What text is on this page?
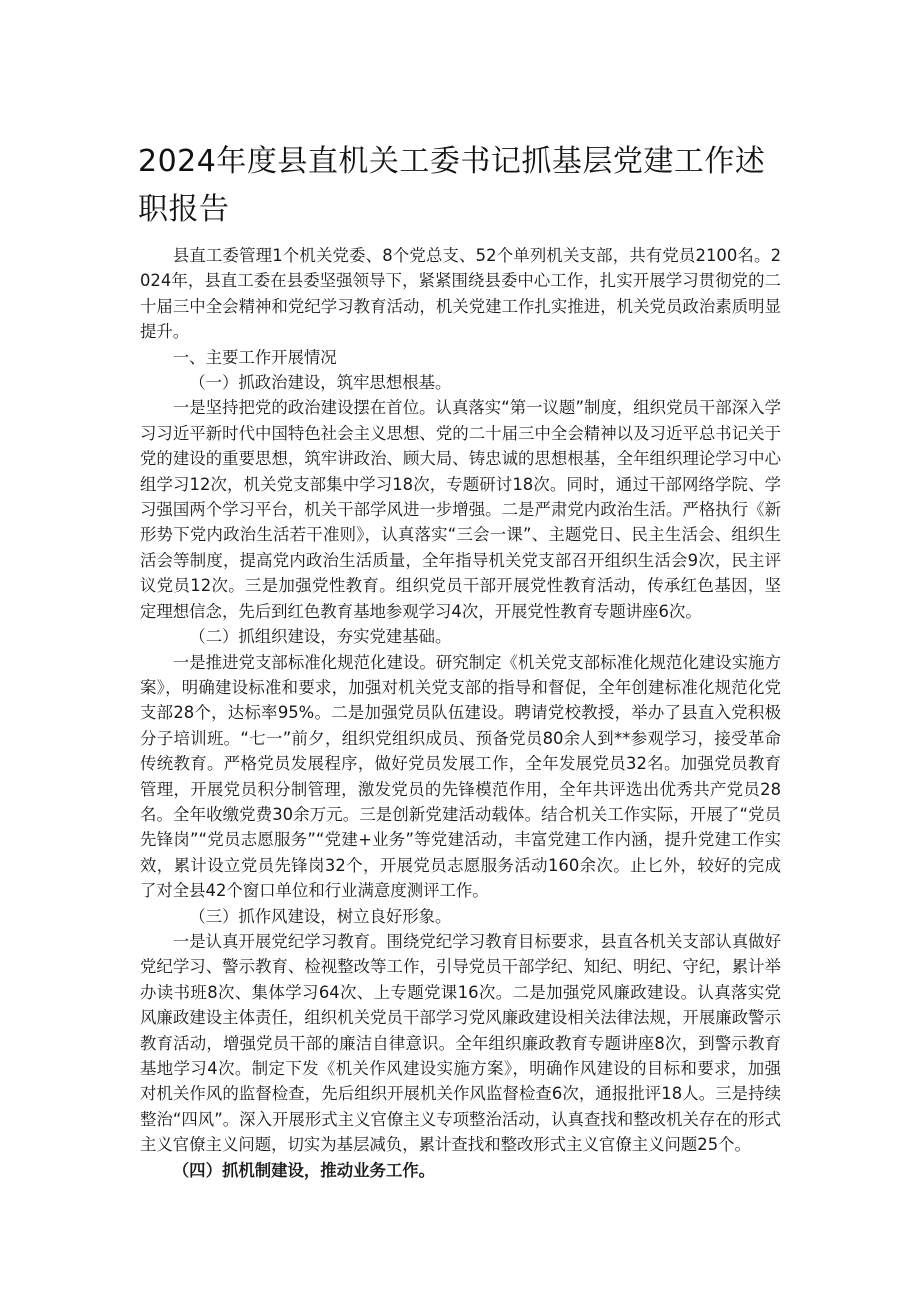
2024年度县直机关工委书记抓基层党建工作述职报告

县直工委管理1个机关党委、8个党总支、52个单列机关支部，共有党员2100名。2024年，县直工委在县委坚强领导下，紧紧围绕县委中心工作，扎实开展学习贯彻党的二十届三中全会精神和党纪学习教育活动，机关党建工作扎实推进，机关党员政治素质明显提升。

一、主要工作开展情况

（一）抓政治建设，筑牢思想根基。

一是坚持把党的政治建设摆在首位。认真落实“第一议题”制度，组织党员干部深入学习习近平新时代中国特色社会主义思想、党的二十届三中全会精神以及习近平总书记关于党的建设的重要思想，筑牢讲政治、顾大局、铸忠诚的思想根基，全年组织理论学习中心组学习12次，机关党支部集中学习18次，专题研讨18次。同时，通过干部网络学院、学习强国两个学习平台，机关干部学风进一步增强。二是严肃党内政治生活。严格执行《新形势下党内政治生活若干准则》，认真落实“三会一课”、主题党日、民主生活会、组织生活会等制度，提高党内政治生活质量，全年指导机关党支部召开组织生活会9次，民主评议党员12次。三是加强党性教育。组织党员干部开展党性教育活动，传承红色基因，坚定理想信念，先后到红色教育基地参观学习4次，开展党性教育专题讲座6次。

（二）抓组织建设，夯实党建基础。

一是推进党支部标准化规范化建设。研究制定《机关党支部标准化规范化建设实施方案》，明确建设标准和要求，加强对机关党支部的指导和督促，全年创建标准化规范化党支部28个，达标率95%。二是加强党员队伍建设。聘请党校教授，举办了县直入党积极分子培训班。“七一”前夕，组织党组织成员、预备党员80余人到**参观学习，接受革命传统教育。严格党员发展程序，做好党员发展工作，全年发展党员32名。加强党员教育管理，开展党员积分制管理，激发党员的先锋模范作用，全年共评选出优秀共产党员28名。全年收缴党费30余万元。三是创新党建活动载体。结合机关工作实际，开展了“党员先锋岗”“党员志愿服务”“党建+业务”等党建活动，丰富党建工作内涵，提升党建工作实效，累计设立党员先锋岗32个，开展党员志愿服务活动160余次。止匕外，较好的完成了对全县42个窗口单位和行业满意度测评工作。

（三）抓作风建设，树立良好形象。

一是认真开展党纪学习教育。围绕党纪学习教育目标要求，县直各机关支部认真做好党纪学习、警示教育、检视整改等工作，引导党员干部学纪、知纪、明纪、守纪，累计举办读书班8次、集体学习64次、上专题党课16次。二是加强党风廉政建设。认真落实党风廉政建设主体责任，组织机关党员干部学习党风廉政建设相关法律法规，开展廉政警示教育活动，增强党员干部的廉洁自律意识。全年组织廉政教育专题讲座8次，到警示教育基地学习4次。制定下发《机关作风建设实施方案》，明确作风建设的目标和要求，加强对机关作风的监督检查，先后组织开展机关作风监督检查6次，通报批评18人。三是持续整治“四风”。深入开展形式主义官僚主义专项整治活动，认真查找和整改机关存在的形式主义官僚主义问题，切实为基层减负，累计查找和整改形式主义官僚主义问题25个。

（四）抓机制建设，推动业务工作。
